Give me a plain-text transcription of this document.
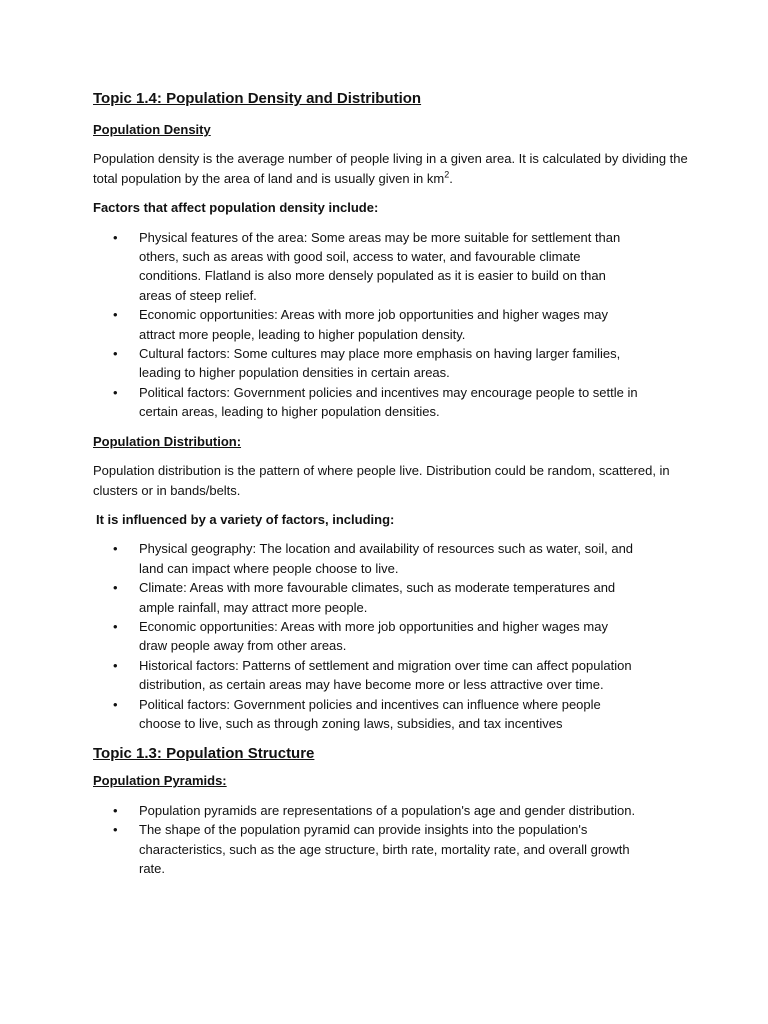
Topic 1.4: Population Density and Distribution
Population Density

Population density is the average number of people living in a given area. It is calculated by dividing the total population by the area of land and is usually given in $km^2$.

Factors that affect population density include:
• Physical features of the area: Some areas may be more suitable for settlement than others, such as areas with good soil, access to water, and favourable climate conditions. Flatland is also more densely populated as it is easier to build on than areas of steep relief.
• Economic opportunities: Areas with more job opportunities and higher wages may attract more people, leading to higher population density.
• Cultural factors: Some cultures may place more emphasis on having larger families, leading to higher population densities in certain areas.
• Political factors: Government policies and incentives may encourage people to settle in certain areas, leading to higher population densities.
Population Distribution:

Population distribution is the pattern of where people live. Distribution could be random, scattered, in clusters or in bands/belts.

It is influenced by a variety of factors, including:
• Physical geography: The location and availability of resources such as water, soil, and land can impact where people choose to live.
• Climate: Areas with more favourable climates, such as moderate temperatures and ample rainfall, may attract more people.
• Economic opportunities: Areas with more job opportunities and higher wages may draw people away from other areas.
• Historical factors: Patterns of settlement and migration over time can affect population distribution, as certain areas may have become more or less attractive over time.
• Political factors: Government policies and incentives can influence where people choose to live, such as through zoning laws, subsidies, and tax incentives
Topic 1.3: Population Structure
Population Pyramids:
• Population pyramids are representations of a population's age and gender distribution.
• The shape of the population pyramid can provide insights into the population's characteristics, such as the age structure, birth rate, mortality rate, and overall growth rate.
